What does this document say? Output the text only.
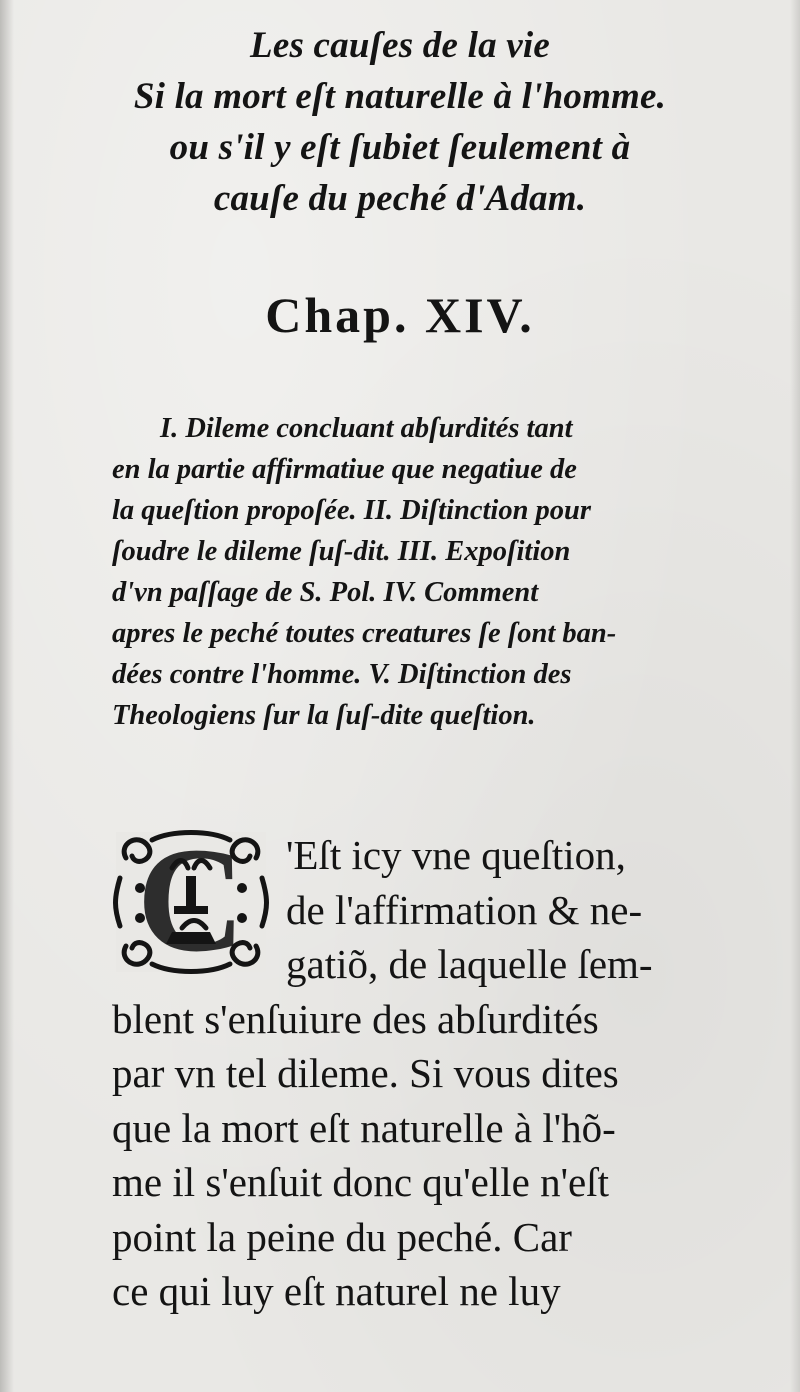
Les cauſes de la vie
Si la mort eſt naturelle à l'homme.
ou s'il y eſt ſubiet ſeulement à
cauſe du peché d'Adam.
Chap. XIV.
I. Dileme concluant abſurdités tant
en la partie affirmatiue que negatiue de
la queſtion propoſée. II. Diſtinction pour
ſoudre le dileme ſuſ-dit. III. Expoſition
d'vn paſſage de S. Pol. IV. Comment
apres le peché toutes creatures ſe ſont ban-
dées contre l'homme. V. Diſtinction des
Theologiens ſur la ſuſ-dite queſtion.
C 'Eſt icy vne queſtion,
de l'affirmation & ne-
gatiõ, de laquelle ſem-
blent s'enſuiure des abſurdités
par vn tel dileme. Si vous dites
que la mort eſt naturelle à l'hõ-
me il s'enſuit donc qu'elle n'eſt
point la peine du peché. Car
ce qui luy eſt naturel ne luy
